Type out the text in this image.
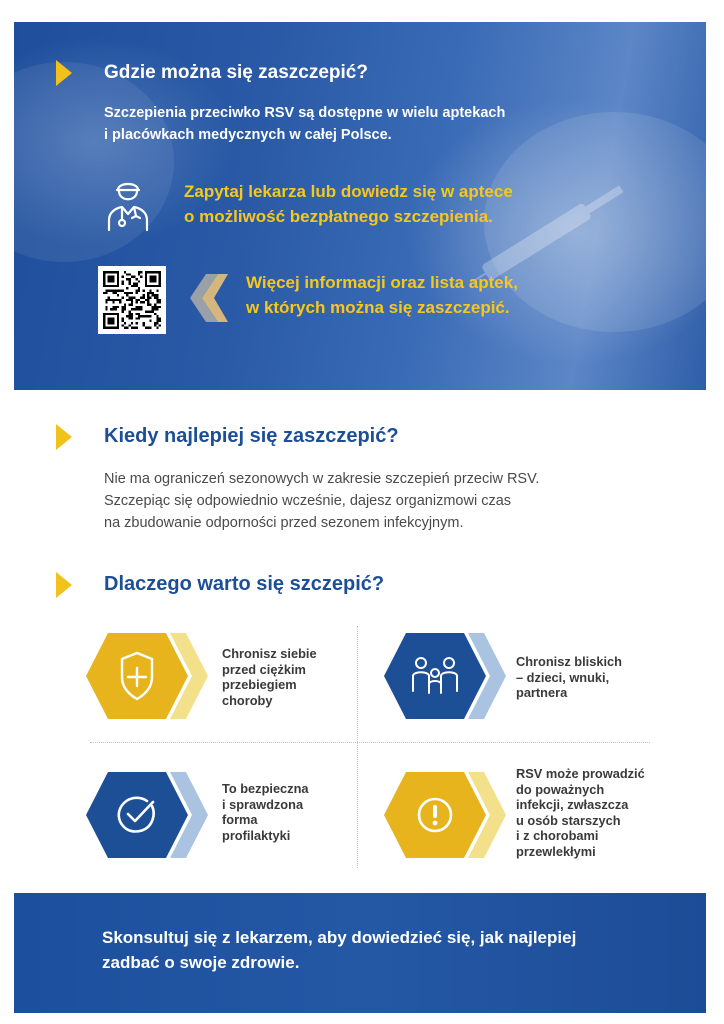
Gdzie można się zaszczepić?

Szczepienia przeciwko RSV są dostępne w wielu aptekach

i placówkach medycznych w całej Polsce.

Zapytaj lekarza lub dowiedz się w aptece

o możliwość bezpłatnego szczepienia.

Więcej informacji oraz lista aptek,

w których można się zaszczepić.

Kiedy najlepiej się zaszczepić?

Nie ma ograniczeń sezonowych w zakresie szczepień przeciw RSV.

Szczepiąc się odpowiednio wcześnie, dajesz organizmowi czas

na zbudowanie odporności przed sezonem infekcyjnym.

Dlaczego warto się szczepić?
Chronisz siebie
przed ciężkim
przebiegiem
choroby
Chronisz bliskich
– dzieci, wnuki,
partnera
To bezpieczna
i sprawdzona
forma
profilaktyki
RSV może prowadzić
do poważnych
infekcji, zwłaszcza
u osób starszych
i z chorobami
przewlekłymi
Skonsultuj się z lekarzem, aby dowiedzieć się, jak najlepiej
zadbać o swoje zdrowie.
